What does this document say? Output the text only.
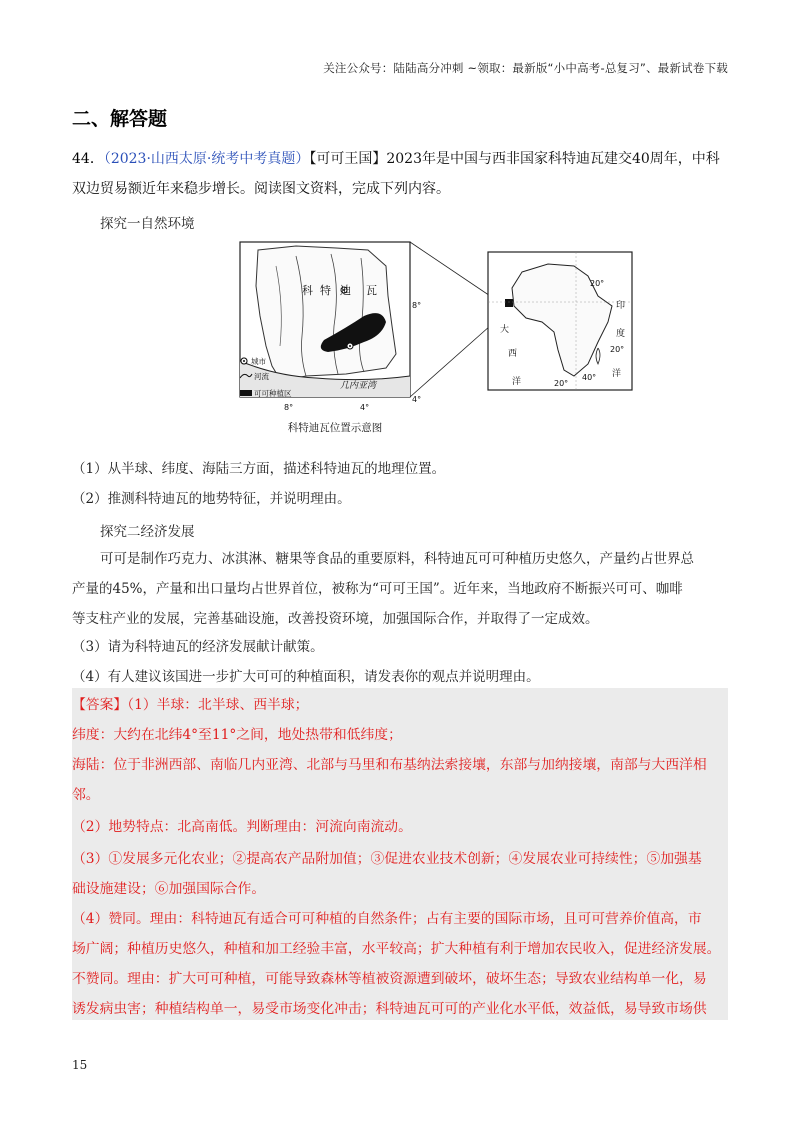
关注公众号：陆陆高分冲刺 ~领取：最新版“小中高考-总复习”、最新试卷下载
二、解答题
44．（2023·山西太原·统考中考真题）【可可王国】2023年是中国与西非国家科特迪瓦建交40周年，中科
双边贸易额近年来稳步增长。阅读图文资料，完成下列内容。
探究一自然环境
科 特 迪 瓦
几内亚湾
8°
4°
8°	4°
城市
河流
可可种植区
20°
20°
20°
40°
大
西
洋
印
度
洋
科特迪瓦位置示意图
（1）从半球、纬度、海陆三方面，描述科特迪瓦的地理位置。
（2）推测科特迪瓦的地势特征，并说明理由。
探究二经济发展
可可是制作巧克力、冰淇淋、糖果等食品的重要原料，科特迪瓦可可种植历史悠久，产量约占世界总
产量的45%，产量和出口量均占世界首位，被称为“可可王国”。近年来，当地政府不断振兴可可、咖啡
等支柱产业的发展，完善基础设施，改善投资环境，加强国际合作，并取得了一定成效。
（3）请为科特迪瓦的经济发展献计献策。
（4）有人建议该国进一步扩大可可的种植面积，请发表你的观点并说明理由。
【答案】（1）半球：北半球、西半球；
纬度：大约在北纬4°至11°之间，地处热带和低纬度；
海陆：位于非洲西部、南临几内亚湾、北部与马里和布基纳法索接壤，东部与加纳接壤，南部与大西洋相
邻。
（2）地势特点：北高南低。判断理由：河流向南流动。
（3）①发展多元化农业；②提高农产品附加值；③促进农业技术创新；④发展农业可持续性；⑤加强基
础设施建设；⑥加强国际合作。
（4）赞同。理由：科特迪瓦有适合可可种植的自然条件；占有主要的国际市场，且可可营养价值高，市
场广阔；种植历史悠久，种植和加工经验丰富，水平较高；扩大种植有利于增加农民收入，促进经济发展。
不赞同。理由：扩大可可种植，可能导致森林等植被资源遭到破坏，破坏生态；导致农业结构单一化，易
诱发病虫害；种植结构单一，易受市场变化冲击；科特迪瓦可可的产业化水平低，效益低，易导致市场供
15
